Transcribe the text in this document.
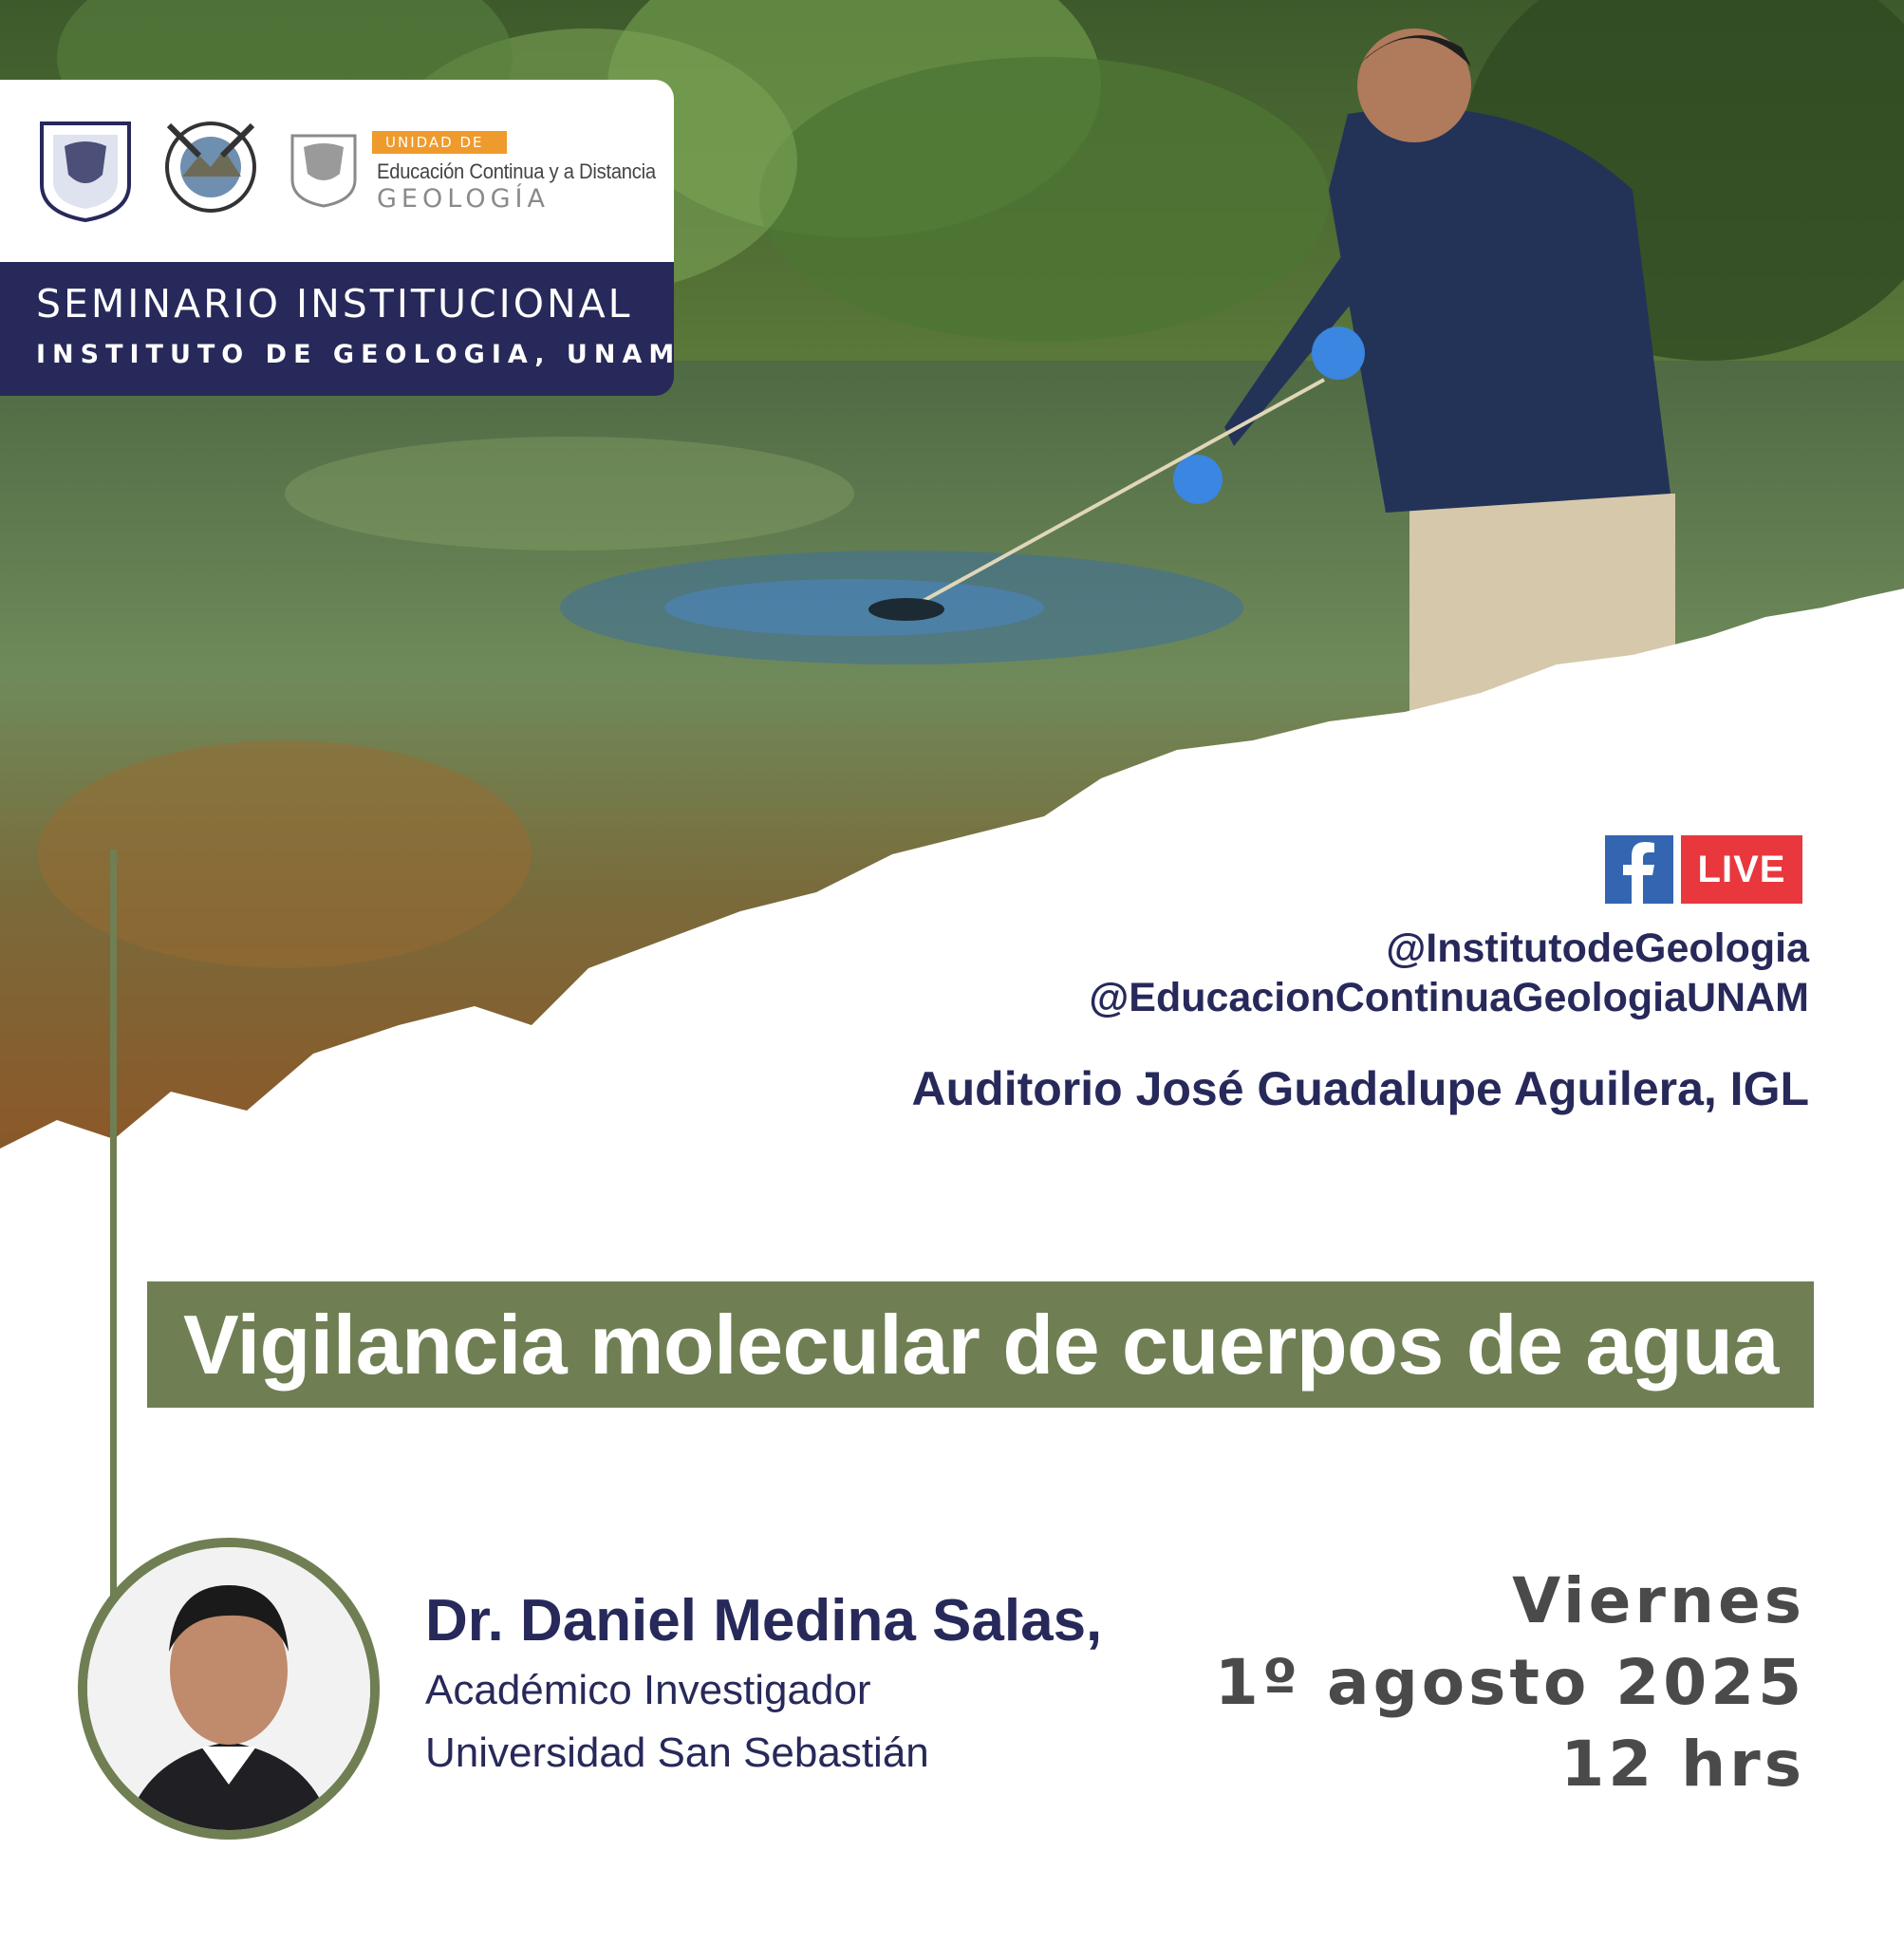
UNIDAD DE
Educación Continua y a Distancia
GEOLOGÍA
SEMINARIO INSTITUCIONAL
INSTITUTO DE GEOLOGIA, UNAM
LIVE
@InstitutodeGeologia
@EducacionContinuaGeologiaUNAM
Auditorio José Guadalupe Aguilera, IGL
Vigilancia molecular de cuerpos de agua
Dr. Daniel Medina Salas,
Académico Investigador
Universidad San Sebastián
Viernes
1º agosto 2025
12 hrs
